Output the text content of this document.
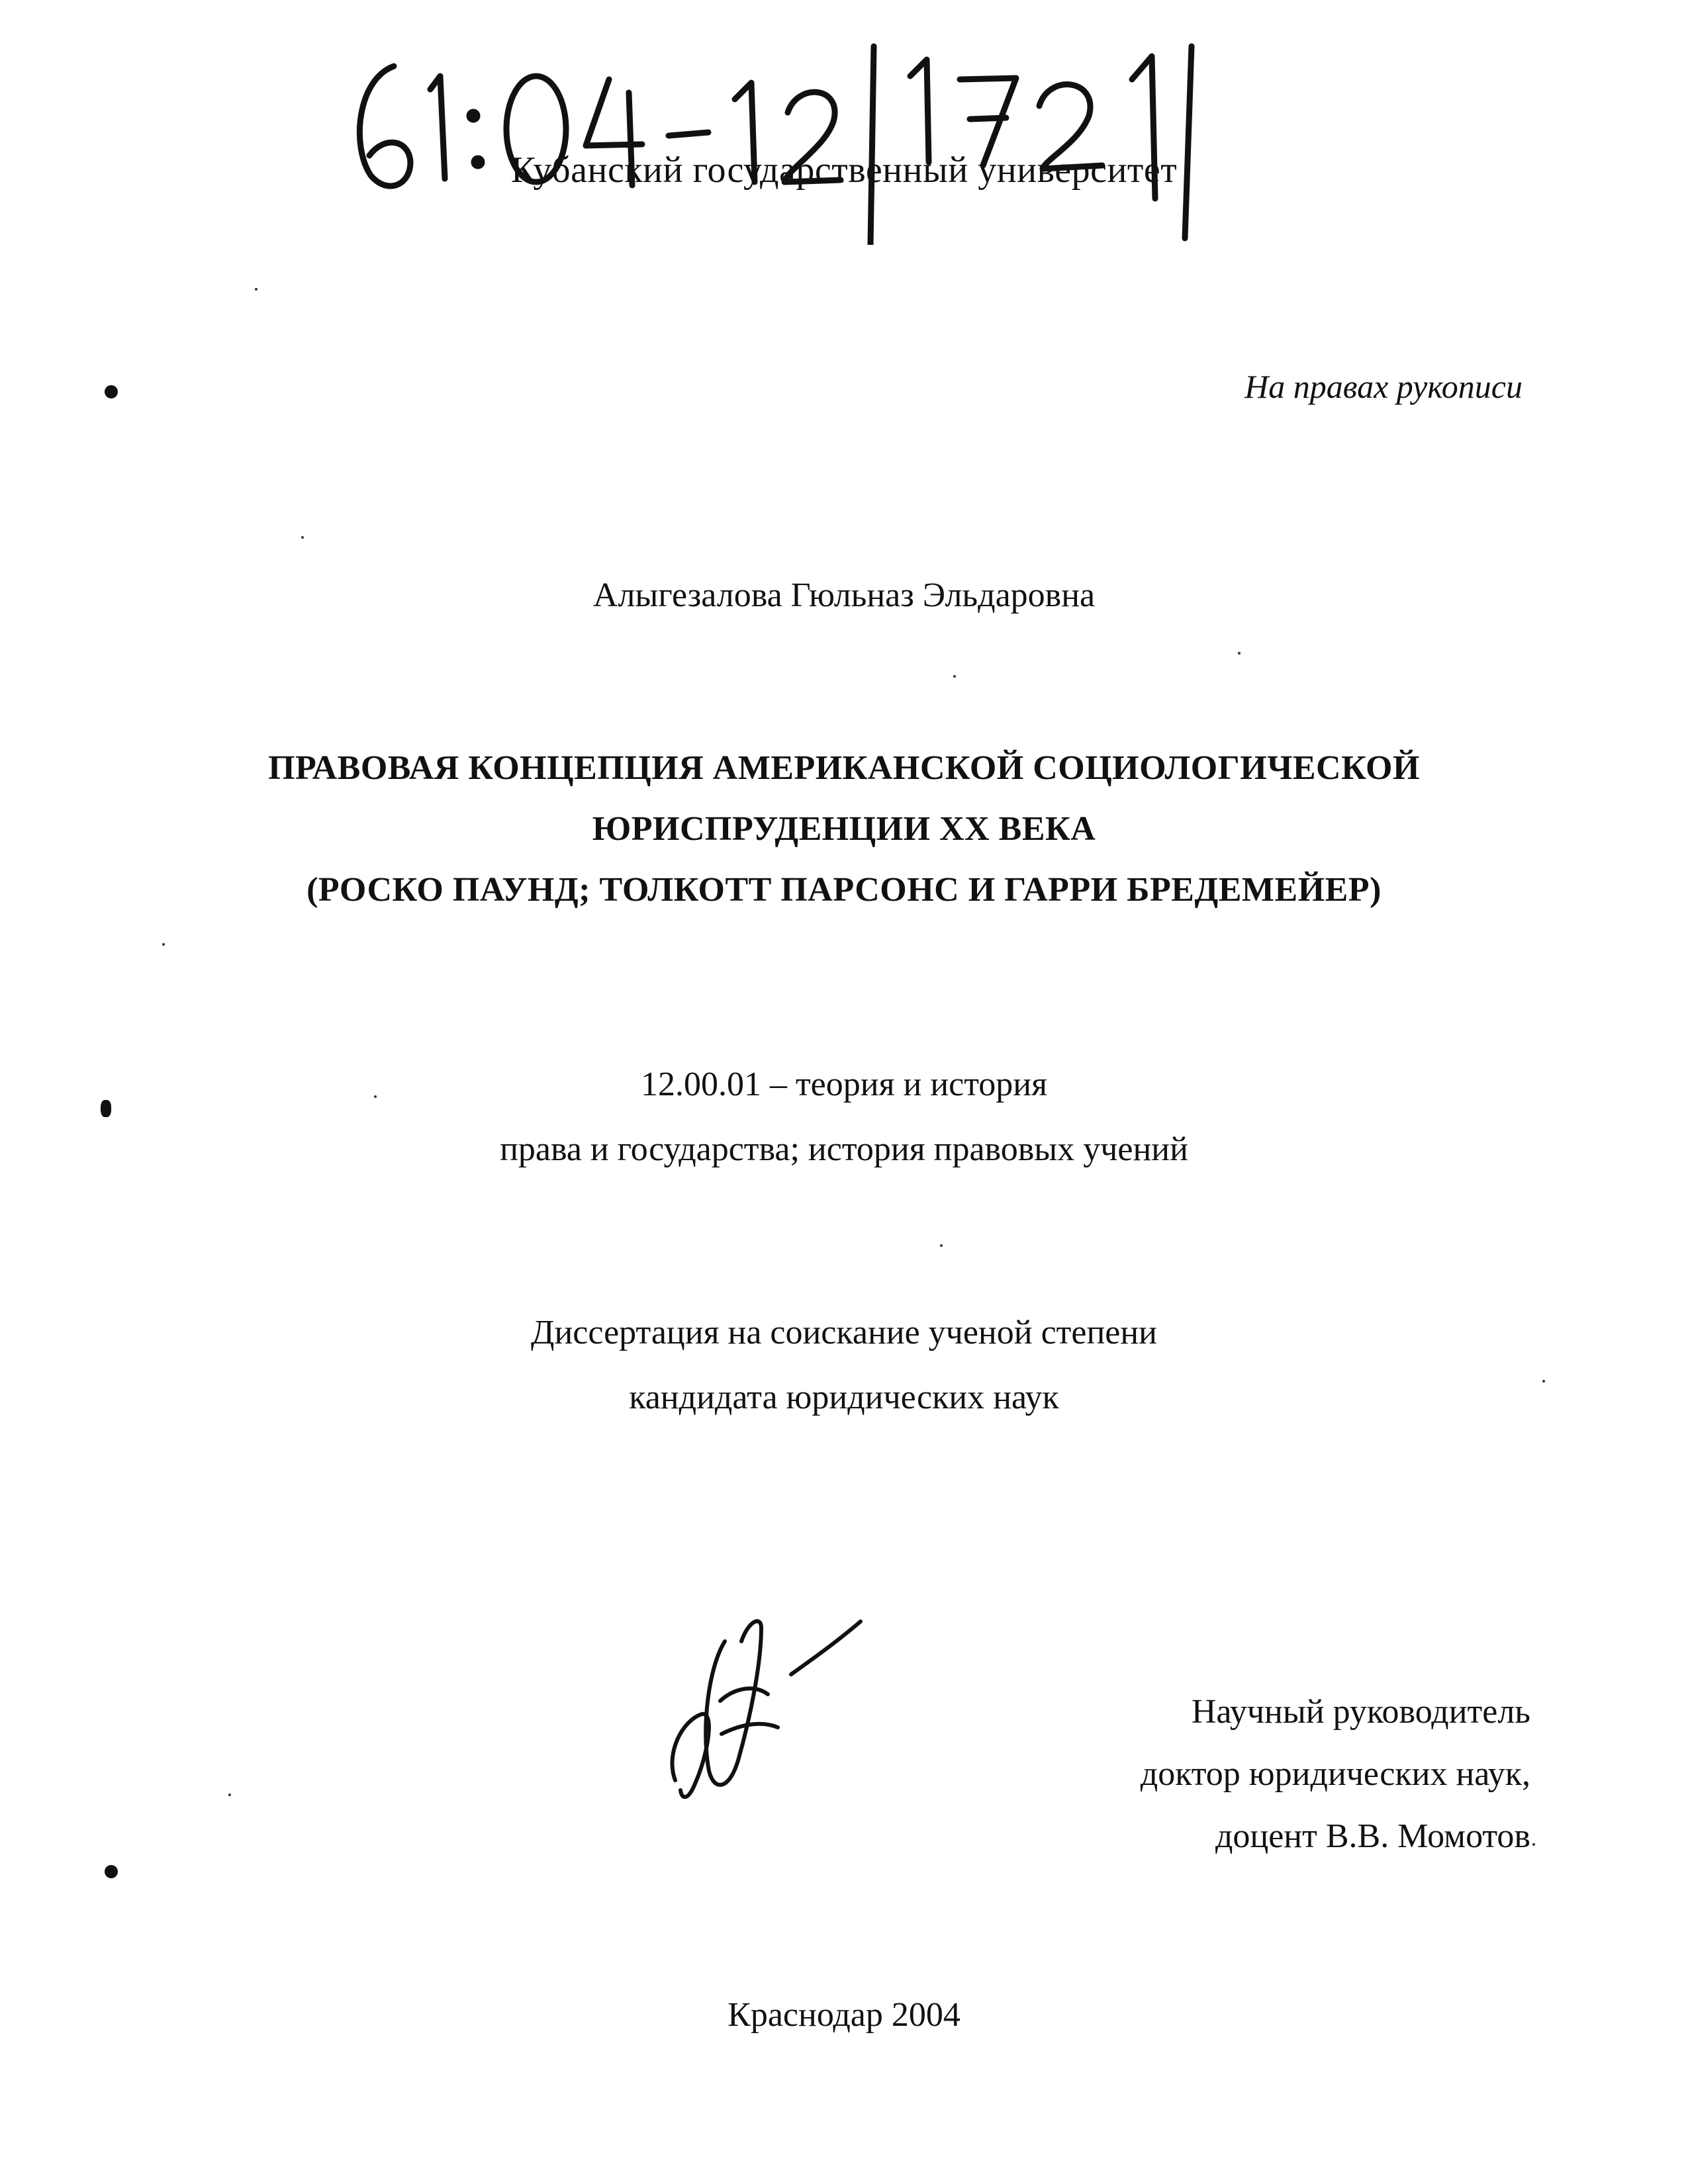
Кубанский государственный университет
На правах рукописи
Алыгезалова Гюльназ Эльдаровна
ПРАВОВАЯ КОНЦЕПЦИЯ АМЕРИКАНСКОЙ СОЦИОЛОГИЧЕСКОЙ
ЮРИСПРУДЕНЦИИ XX ВЕКА
(РОСКО ПАУНД; ТОЛКОТТ ПАРСОНС И ГАРРИ БРЕДЕМЕЙЕР)
12.00.01 – теория и история
права и государства; история правовых учений
Диссертация на соискание ученой степени
кандидата юридических наук
Научный руководитель
доктор юридических наук,
доцент В.В. Момотов
Краснодар 2004
